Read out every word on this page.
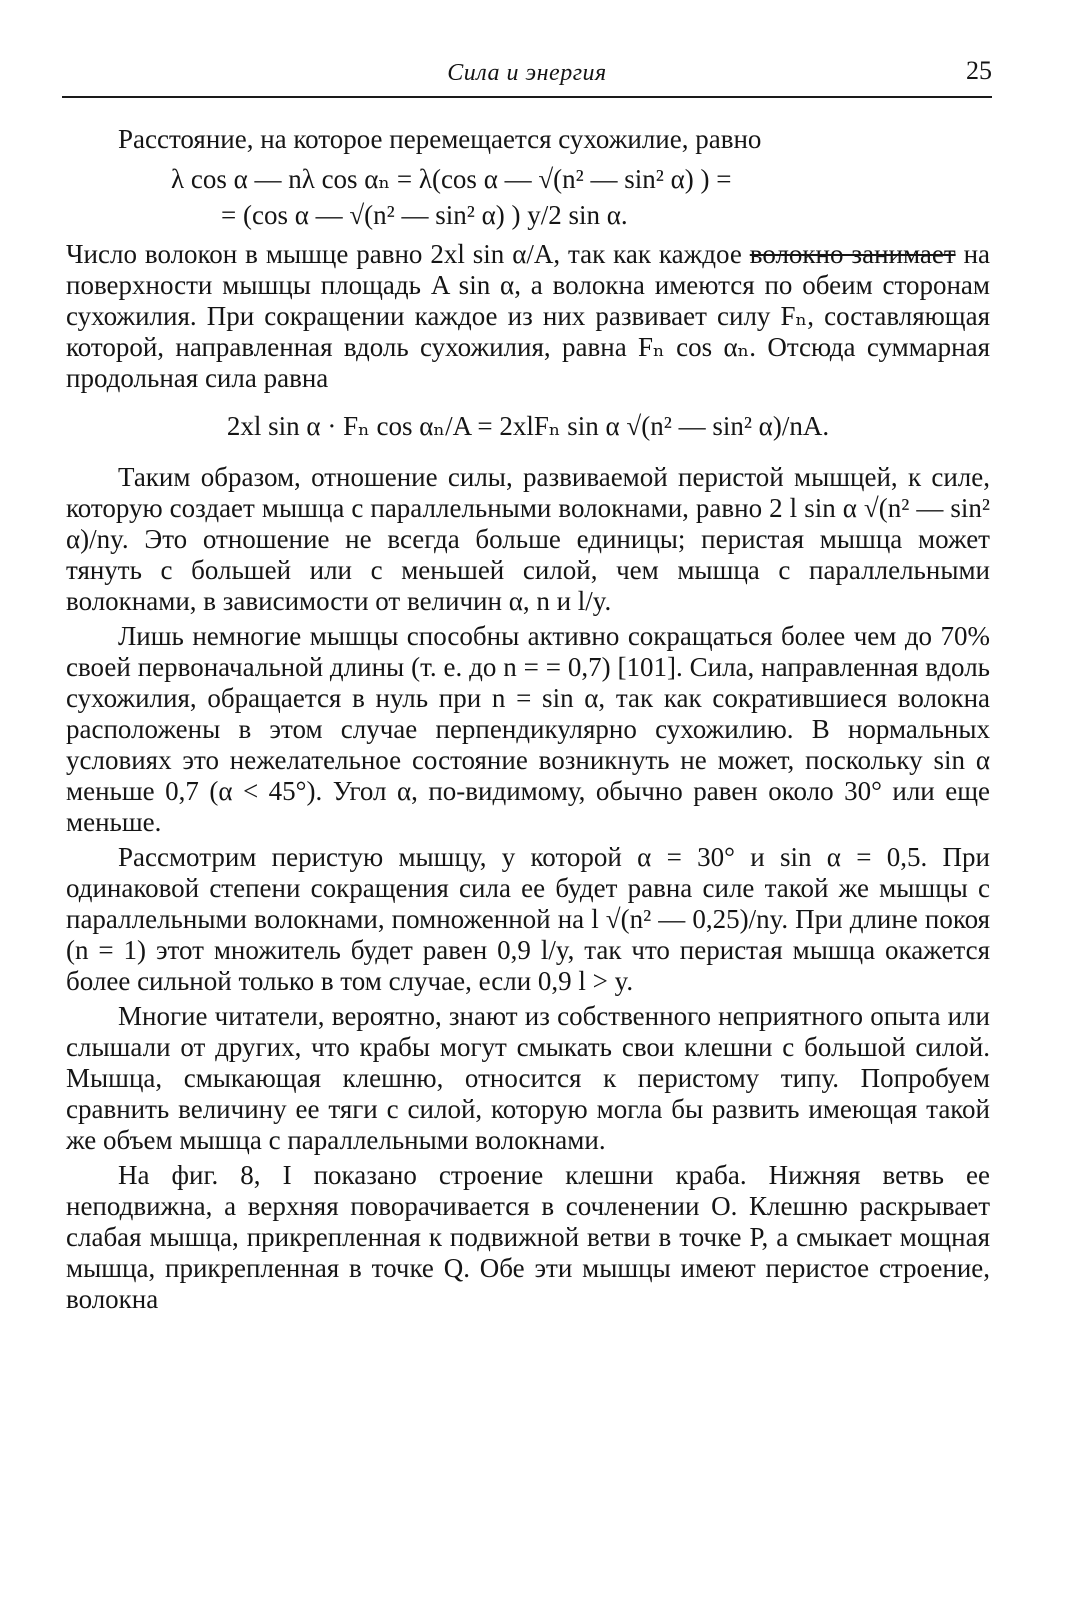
Сила и энергия	25

Расстояние, на которое перемещается сухожилие, равно

λ cos α — nλ cos αₙ = λ(cos α — √(n² — sin² α) ) =
= (cos α — √(n² — sin² α) ) y/2 sin α.

Число волокон в мышце равно 2xl sin α/A, так как каждое волокно занимает на поверхности мышцы площадь A sin α, а волокна имеются по обеим сторонам сухожилия. При сокращении каждое из них развивает силу Fₙ, составляющая которой, направленная вдоль сухожилия, равна Fₙ cos αₙ. Отсюда суммарная продольная сила равна

2xl sin α · Fₙ cos αₙ/A = 2xlFₙ sin α √(n² — sin² α)/nA.

Таким образом, отношение силы, развиваемой перистой мышцей, к силе, которую создает мышца с параллельными волокнами, равно 2 l sin α √(n² — sin² α)/ny. Это отношение не всегда больше единицы; перистая мышца может тянуть с большей или с меньшей силой, чем мышца с параллельными волокнами, в зависимости от величин α, n и l/y.

Лишь немногие мышцы способны активно сокращаться более чем до 70% своей первоначальной длины (т. е. до n = = 0,7) [101]. Сила, направленная вдоль сухожилия, обращается в нуль при n = sin α, так как сократившиеся волокна расположены в этом случае перпендикулярно сухожилию. В нормальных условиях это нежелательное состояние возникнуть не может, поскольку sin α меньше 0,7 (α < 45°). Угол α, по-видимому, обычно равен около 30° или еще меньше.

Рассмотрим перистую мышцу, у которой α = 30° и sin α = 0,5. При одинаковой степени сокращения сила ее будет равна силе такой же мышцы с параллельными волокнами, помноженной на l √(n² — 0,25)/ny. При длине покоя (n = 1) этот множитель будет равен 0,9 l/y, так что перистая мышца окажется более сильной только в том случае, если 0,9 l > y.

Многие читатели, вероятно, знают из собственного неприятного опыта или слышали от других, что крабы могут смыкать свои клешни с большой силой. Мышца, смыкающая клешню, относится к перистому типу. Попробуем сравнить величину ее тяги с силой, которую могла бы развить имеющая такой же объем мышца с параллельными волокнами.

На фиг. 8, I показано строение клешни краба. Нижняя ветвь ее неподвижна, а верхняя поворачивается в сочленении O. Клешню раскрывает слабая мышца, прикрепленная к подвижной ветви в точке P, а смыкает мощная мышца, прикрепленная в точке Q. Обе эти мышцы имеют перистое строение, волокна
